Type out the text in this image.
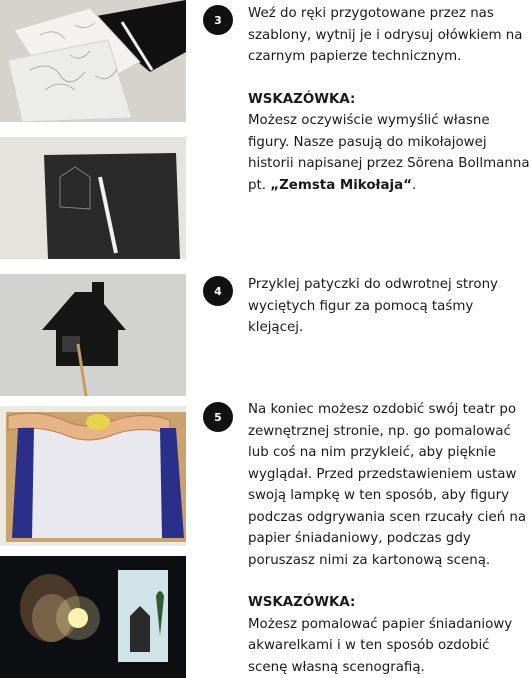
3 Weź do ręki przygotowane przez nas szablony, wytnij je i odrysuj ołówkiem na czarnym papierze technicznym.

WSKAZÓWKA:

Możesz oczywiście wymyślić własne figury. Nasze pasują do mikołajowej historii napisanej przez Sörena Bollmanna pt. „Zemsta Mikołaja“.

4 Przyklej patyczki do odwrotnej strony wyciętych figur za pomocą taśmy klejącej.

5 Na koniec możesz ozdobić swój teatr po zewnętrznej stronie, np. go pomalować lub coś na nim przykleić, aby pięknie wyglądał. Przed przedstawieniem ustaw swoją lampkę w ten sposób, aby figury podczas odgrywania scen rzucały cień na papier śniadaniowy, podczas gdy poruszasz nimi za kartonową sceną.

WSKAZÓWKA:

Możesz pomalować papier śniadaniowy akwarelkami i w ten sposób ozdobić scenę własną scenografią.
